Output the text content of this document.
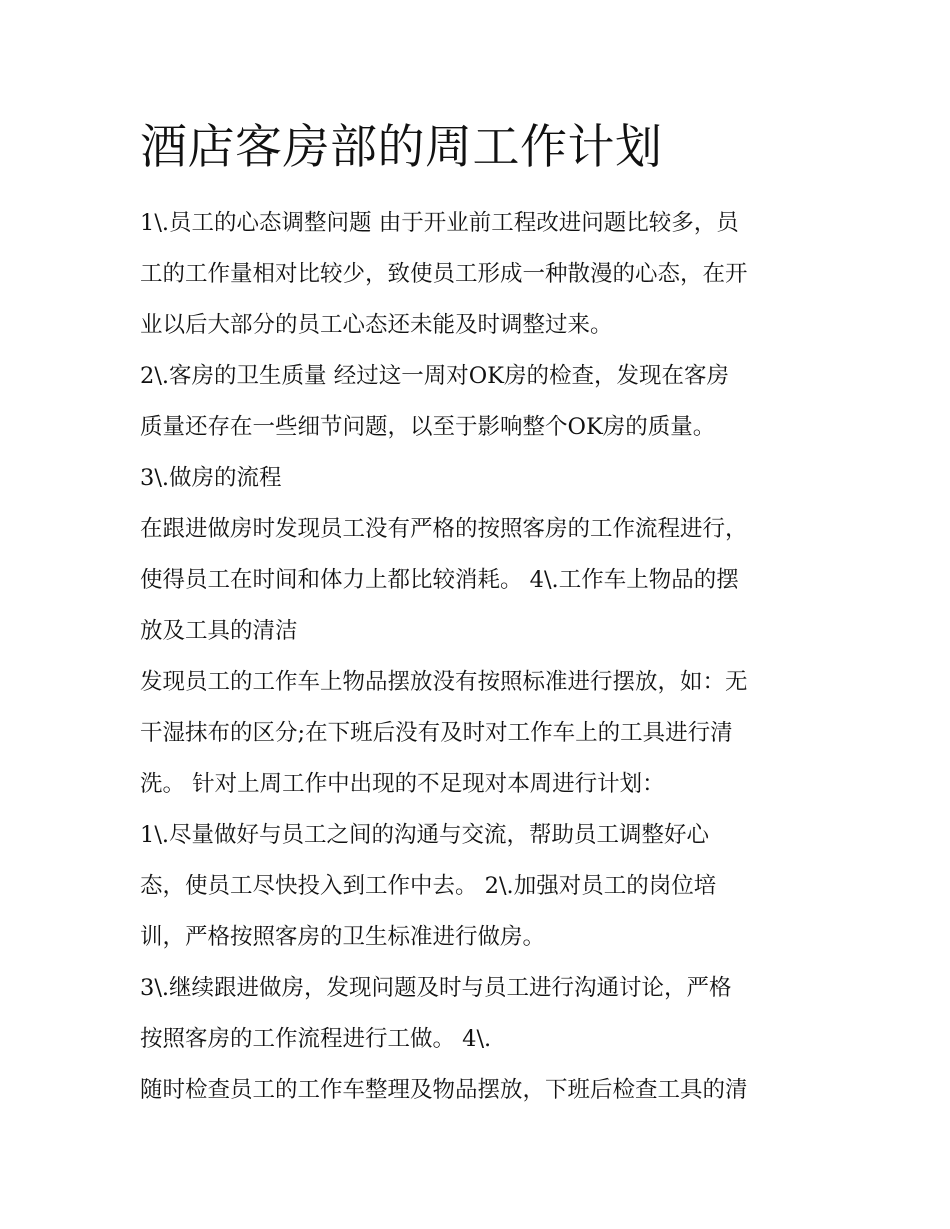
酒店客房部的周工作计划
1\.员工的心态调整问题 由于开业前工程改进问题比较多，员
工的工作量相对比较少，致使员工形成一种散漫的心态，在开
业以后大部分的员工心态还未能及时调整过来。
2\.客房的卫生质量 经过这一周对OK房的检查，发现在客房
质量还存在一些细节问题，以至于影响整个OK房的质量。
3\.做房的流程
在跟进做房时发现员工没有严格的按照客房的工作流程进行，
使得员工在时间和体力上都比较消耗。 4\.工作车上物品的摆
放及工具的清洁
发现员工的工作车上物品摆放没有按照标准进行摆放，如：无
干湿抹布的区分;在下班后没有及时对工作车上的工具进行清
洗。 针对上周工作中出现的不足现对本周进行计划：
1\.尽量做好与员工之间的沟通与交流，帮助员工调整好心
态，使员工尽快投入到工作中去。 2\.加强对员工的岗位培
训，严格按照客房的卫生标准进行做房。
3\.继续跟进做房，发现问题及时与员工进行沟通讨论，严格
按照客房的工作流程进行工做。 4\.
随时检查员工的工作车整理及物品摆放，下班后检查工具的清
